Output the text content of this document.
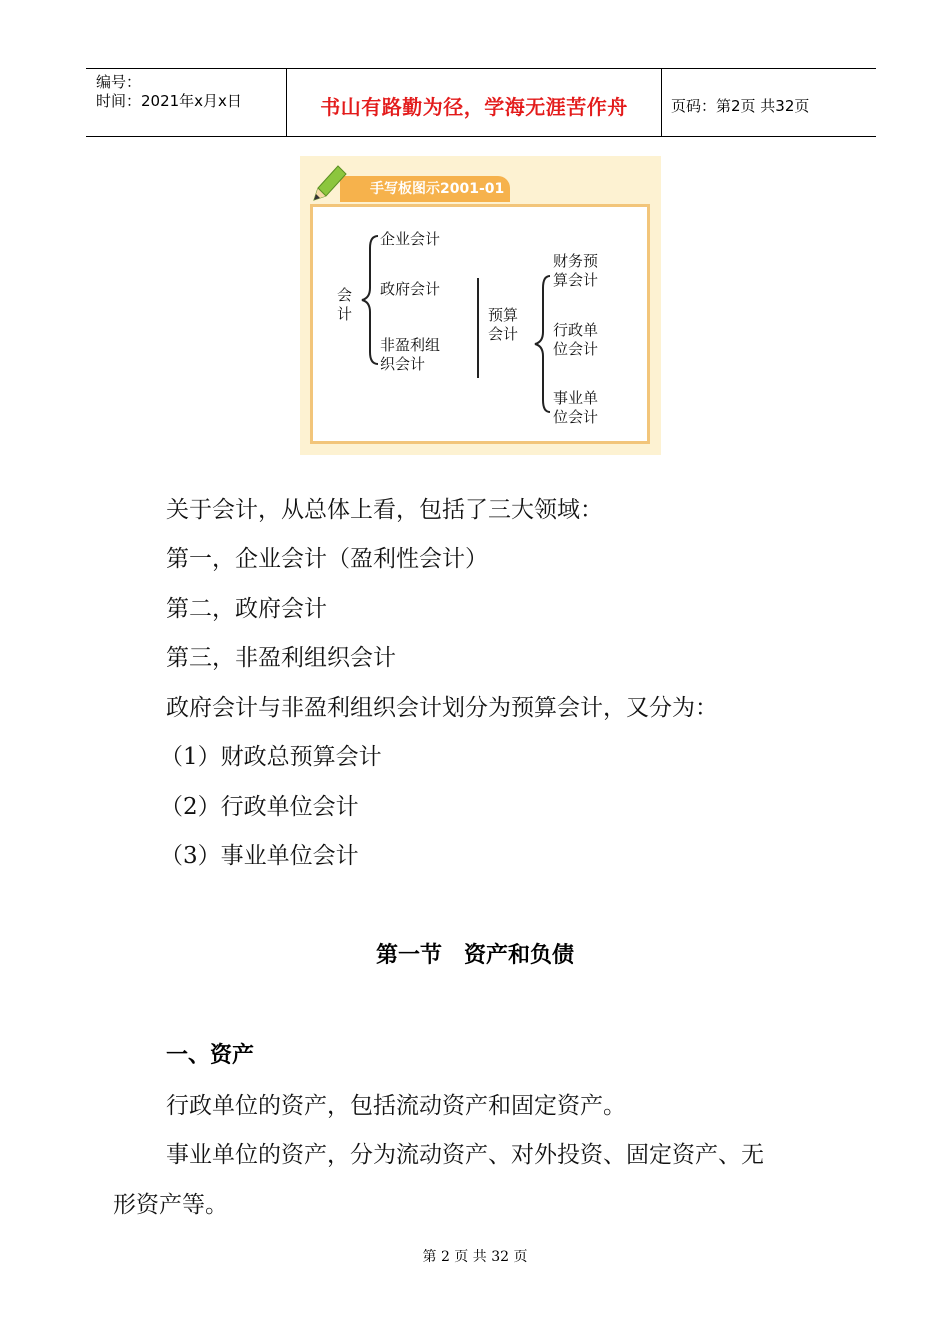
编号：
时间：2021年x月x日	书山有路勤为径，学海无涯苦作舟	页码：第2页 共32页
手写板图示2001-01
会计
企业会计
政府会计
非盈利组织会计
预算会计
财务预算会计
行政单位会计
事业单位会计
关于会计，从总体上看，包括了三大领域：
第一，企业会计（盈利性会计）
第二，政府会计
第三，非盈利组织会计
政府会计与非盈利组织会计划分为预算会计，又分为：
（1）财政总预算会计
（2）行政单位会计
（3）事业单位会计
第一节　资产和负债
一、资产
行政单位的资产，包括流动资产和固定资产。
事业单位的资产，分为流动资产、对外投资、固定资产、无
形资产等。
第 2 页 共 32 页
